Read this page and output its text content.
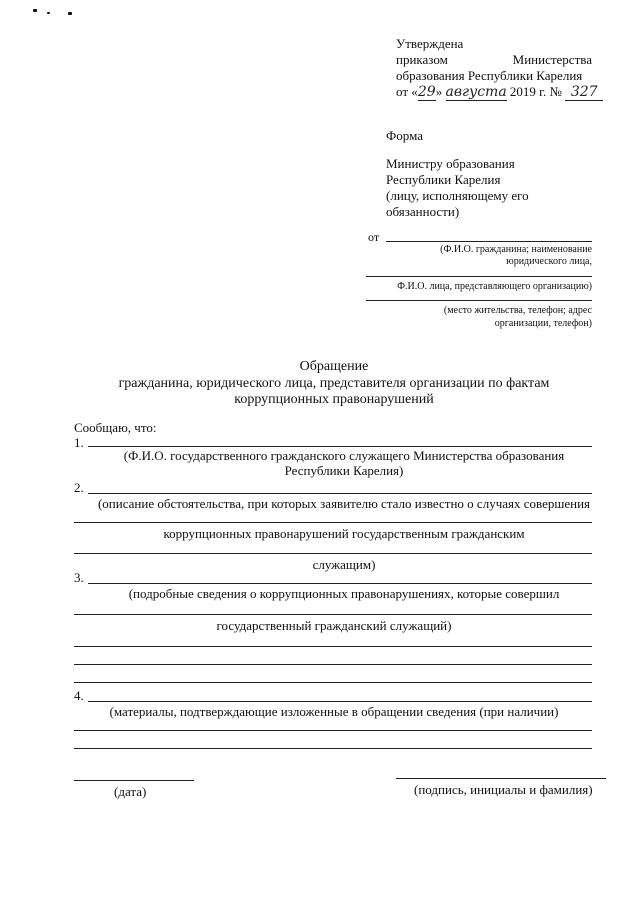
Утверждена
приказом	Министерства
образования Республики Карелия
от «29» августа 2019 г. № 327
Форма
Министру образования
Республики Карелия
(лицу, исполняющему его
обязанности)
от
(Ф.И.О. гражданина; наименование
юридического лица,
Ф.И.О. лица, представляющего организацию)
(место жительства, телефон; адрес
организации, телефон)
Обращение
гражданина, юридического лица, представителя организации по фактам
коррупционных правонарушений
Сообщаю, что:
1.
(Ф.И.О. государственного гражданского служащего Министерства образования
Республики Карелия)
2.
(описание обстоятельства, при которых заявителю стало известно о случаях совершения
коррупционных правонарушений государственным гражданским
служащим)
3.
(подробные сведения о коррупционных правонарушениях, которые совершил
государственный гражданский служащий)
4.
(материалы, подтверждающие изложенные в обращении сведения (при наличии)
(дата)	(подпись, инициалы и фамилия)
